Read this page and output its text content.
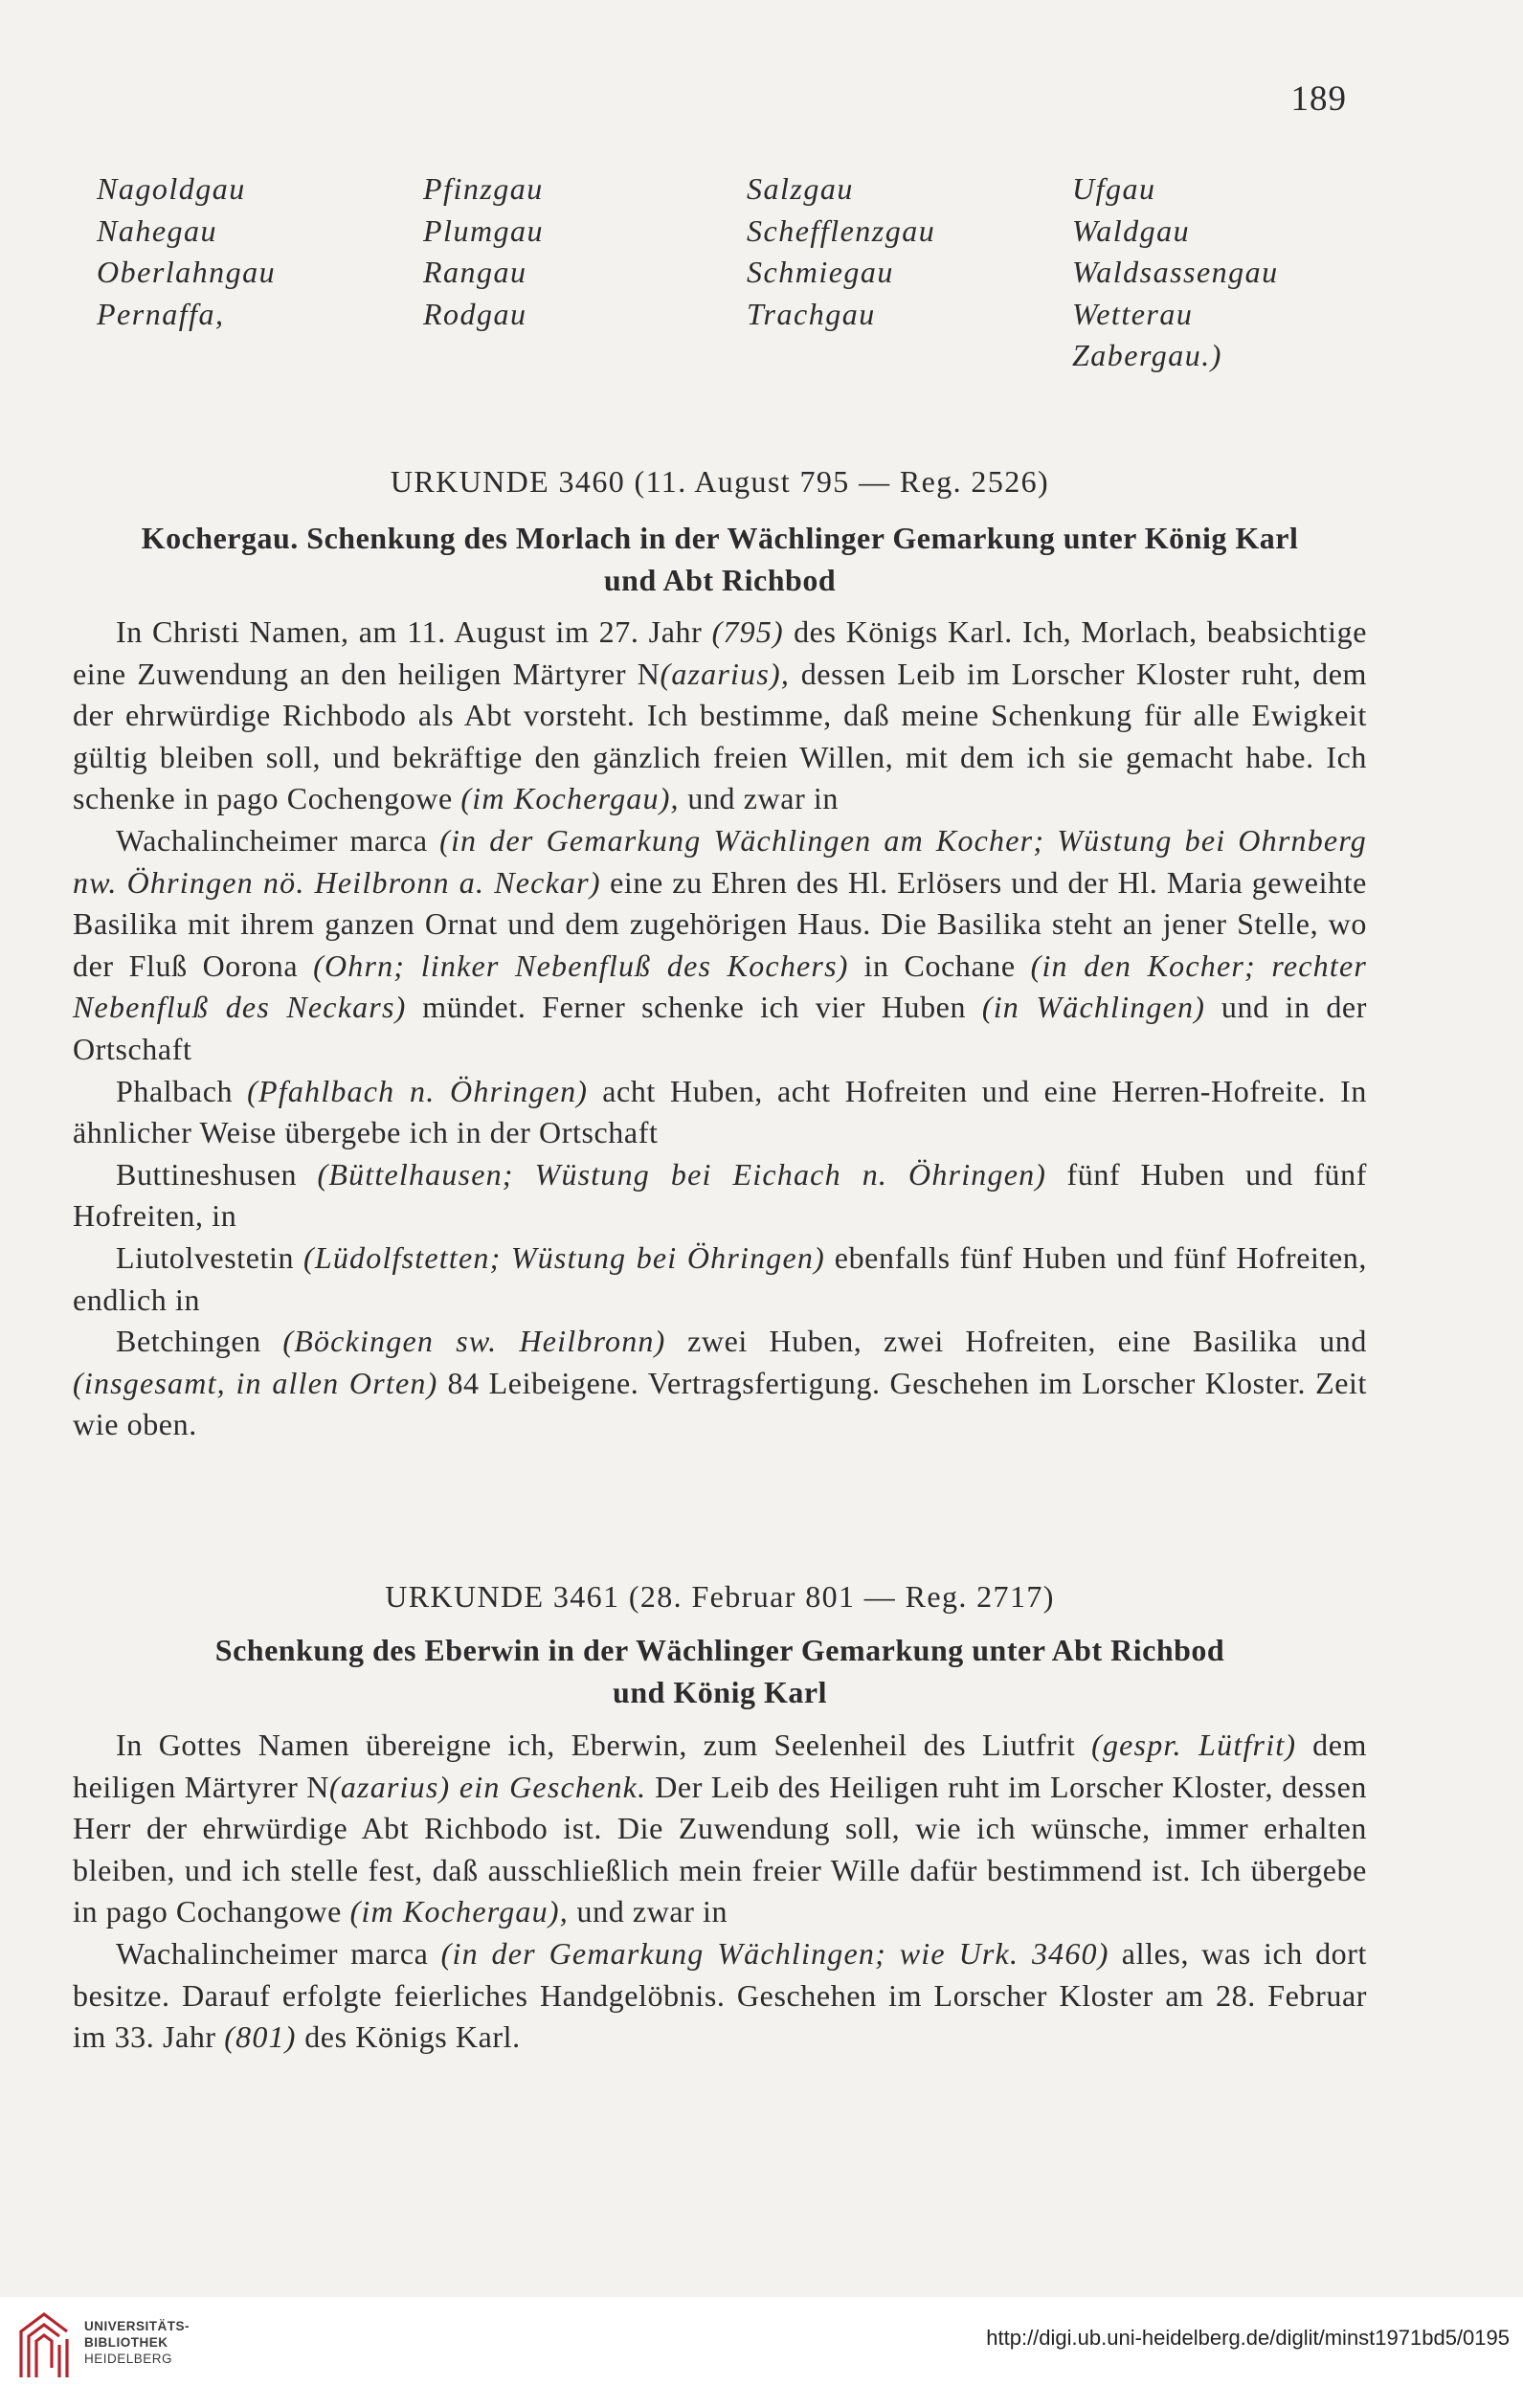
189
Nagoldgau
Nahegau
Oberlahngau
Pernaffa,
Pfinzgau
Plumgau
Rangau
Rodgau
Salzgau
Schefflenzgau
Schmiegau
Trachgau
Ufgau
Waldgau
Waldsassengau
Wetterau
Zabergau.)
URKUNDE 3460 (11. August 795 — Reg. 2526)
Kochergau. Schenkung des Morlach in der Wächlinger Gemarkung unter König Karl
und Abt Richbod

In Christi Namen, am 11. August im 27. Jahr (795) des Königs Karl. Ich, Morlach, beabsichtige eine Zuwendung an den heiligen Märtyrer N(azarius), dessen Leib im Lorscher Kloster ruht, dem der ehrwürdige Richbodo als Abt vorsteht. Ich bestimme, daß meine Schenkung für alle Ewigkeit gültig bleiben soll, und bekräftige den gänzlich freien Willen, mit dem ich sie gemacht habe. Ich schenke in pago Cochengowe (im Kochergau), und zwar in

Wachalincheimer marca (in der Gemarkung Wächlingen am Kocher; Wüstung bei Ohrnberg nw. Öhringen nö. Heilbronn a. Neckar) eine zu Ehren des Hl. Erlösers und der Hl. Maria geweihte Basilika mit ihrem ganzen Ornat und dem zugehörigen Haus. Die Basilika steht an jener Stelle, wo der Fluß Oorona (Ohrn; linker Nebenfluß des Kochers) in Cochane (in den Kocher; rechter Nebenfluß des Neckars) mündet. Ferner schenke ich vier Huben (in Wächlingen) und in der Ortschaft

Phalbach (Pfahlbach n. Öhringen) acht Huben, acht Hofreiten und eine Herren-Hofreite. In ähnlicher Weise übergebe ich in der Ortschaft

Buttineshusen (Büttelhausen; Wüstung bei Eichach n. Öhringen) fünf Huben und fünf Hofreiten, in

Liutolvestetin (Lüdolfstetten; Wüstung bei Öhringen) ebenfalls fünf Huben und fünf Hofreiten, endlich in

Betchingen (Böckingen sw. Heilbronn) zwei Huben, zwei Hofreiten, eine Basilika und (insgesamt, in allen Orten) 84 Leibeigene. Vertragsfertigung. Geschehen im Lorscher Kloster. Zeit wie oben.

URKUNDE 3461 (28. Februar 801 — Reg. 2717)
Schenkung des Eberwin in der Wächlinger Gemarkung unter Abt Richbod
und König Karl

In Gottes Namen übereigne ich, Eberwin, zum Seelenheil des Liutfrit (gespr. Lütfrit) dem heiligen Märtyrer N(azarius) ein Geschenk. Der Leib des Heiligen ruht im Lorscher Kloster, dessen Herr der ehrwürdige Abt Richbodo ist. Die Zuwendung soll, wie ich wünsche, immer erhalten bleiben, und ich stelle fest, daß ausschließlich mein freier Wille dafür bestimmend ist. Ich übergebe in pago Cochangowe (im Kochergau), und zwar in

Wachalincheimer marca (in der Gemarkung Wächlingen; wie Urk. 3460) alles, was ich dort besitze. Darauf erfolgte feierliches Handgelöbnis. Geschehen im Lorscher Kloster am 28. Februar im 33. Jahr (801) des Königs Karl.

UNIVERSITÄTS-
BIBLIOTHEK
HEIDELBERG
http://digi.ub.uni-heidelberg.de/diglit/minst1971bd5/0195
